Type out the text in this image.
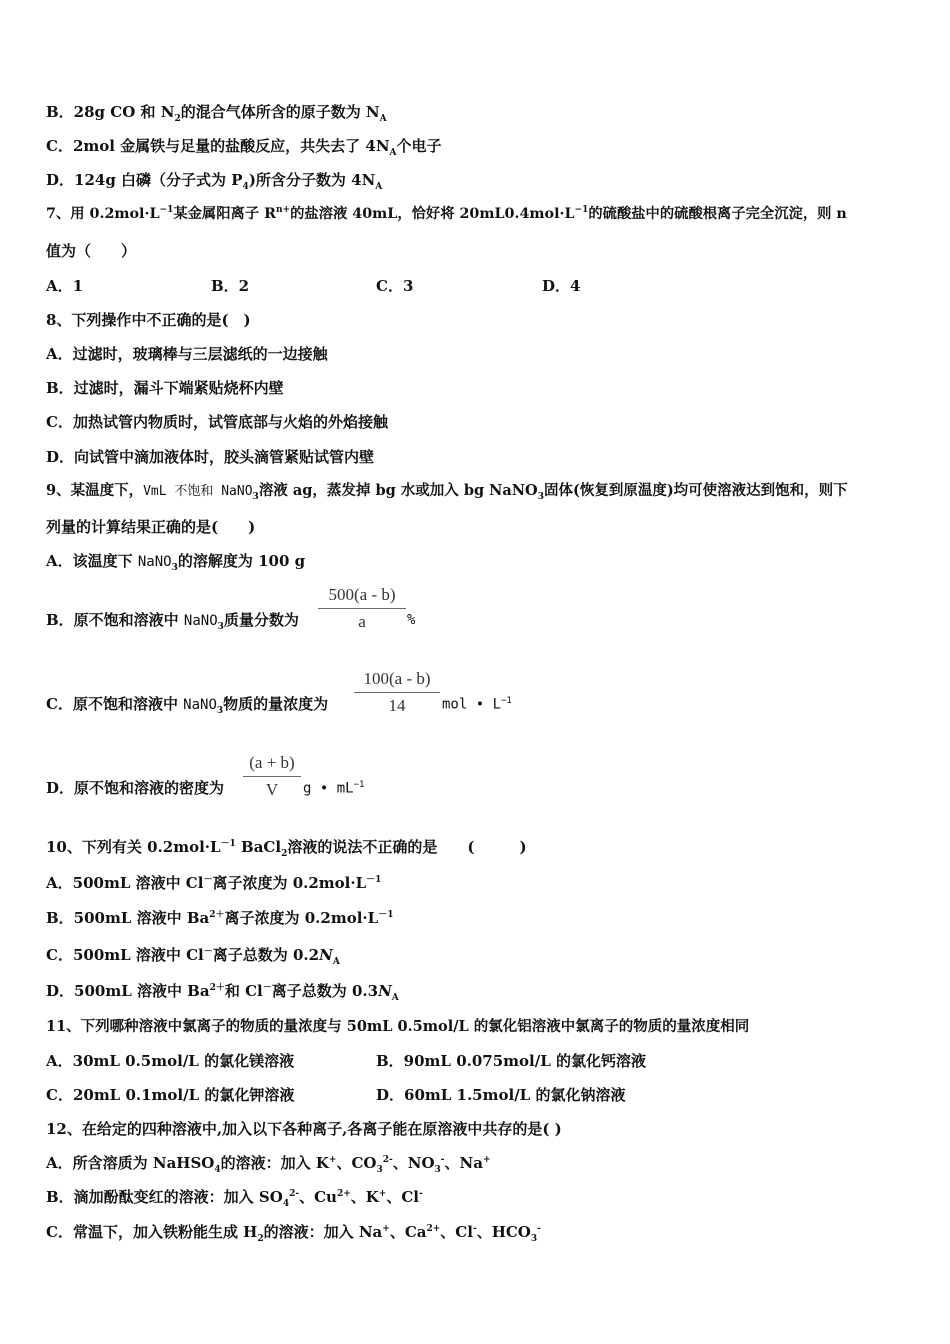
B．28g CO 和 $N_2$的混合气体所含的原子数为 $N_A$
C．2mol 金属铁与足量的盐酸反应，共失去了 $4N_A$个电子
D．124g 白磷（分子式为 $P_4$)所含分子数为 $4N_A$
7、用 $0.2mol\cdot L^{-1}$某金属阳离子 $R^{n+}$的盐溶液 40mL，恰好将 $20mL0.4mol\cdot L^{-1}$的硫酸盐中的硫酸根离子完全沉淀，则 n
值为（　　）
A．1	B．2	C．3	D．4
8、下列操作中不正确的是(　)
A．过滤时，玻璃棒与三层滤纸的一边接触
B．过滤时，漏斗下端紧贴烧杯内壁
C．加热试管内物质时，试管底部与火焰的外焰接触
D．向试管中滴加液体时，胶头滴管紧贴试管内壁
9、某温度下，VmL 不饱和 NaNO$_3$溶液 ag，蒸发掉 bg 水或加入 bg NaNO$_3$固体(恢复到原温度)均可使溶液达到饱和，则下
列量的计算结果正确的是(　　)
A．该温度下 NaNO$_3$的溶解度为 100 g
B．原不饱和溶液中 NaNO$_3$质量分数为
500(a - b)
a	%
C．原不饱和溶液中 NaNO$_3$物质的量浓度为
100(a - b)
14	mol • $L^{-1}$
D．原不饱和溶液的密度为
(a + b)
V	g • $mL^{-1}$
10、下列有关 $0.2mol\cdot L^{-1}$ BaCl$_2$溶液的说法不正确的是　　(　　　)
A．500mL 溶液中 Cl－离子浓度为 $0.2mol\cdot L^{-1}$
B．500mL 溶液中 $Ba^{2+}$离子浓度为 $0.2mol\cdot L^{-1}$
C．500mL 溶液中 Cl－离子总数为 $0.2N_A$
D．500mL 溶液中 $Ba^{2+}$和 Cl－离子总数为 $0.3N_A$
11、下列哪种溶液中氯离子的物质的量浓度与 50mL 0.5mol/L 的氯化铝溶液中氯离子的物质的量浓度相同
A．30mL 0.5mol/L 的氯化镁溶液	B．90mL 0.075mol/L 的氯化钙溶液
C．20mL 0.1mol/L 的氯化钾溶液	D．60mL 1.5mol/L 的氯化钠溶液
12、在给定的四种溶液中,加入以下各种离子,各离子能在原溶液中共存的是( )
A．所含溶质为 NaHSO$_4$的溶液：加入 K+、$CO_3^{2-}$、$NO_3^-$、Na+
B．滴加酚酞变红的溶液：加入 $SO_4^{2-}$、$Cu^{2+}$、K+、Cl-
C．常温下，加入铁粉能生成 $H_2$的溶液：加入 Na+、$Ca^{2+}$、Cl-、$HCO_3^-$
